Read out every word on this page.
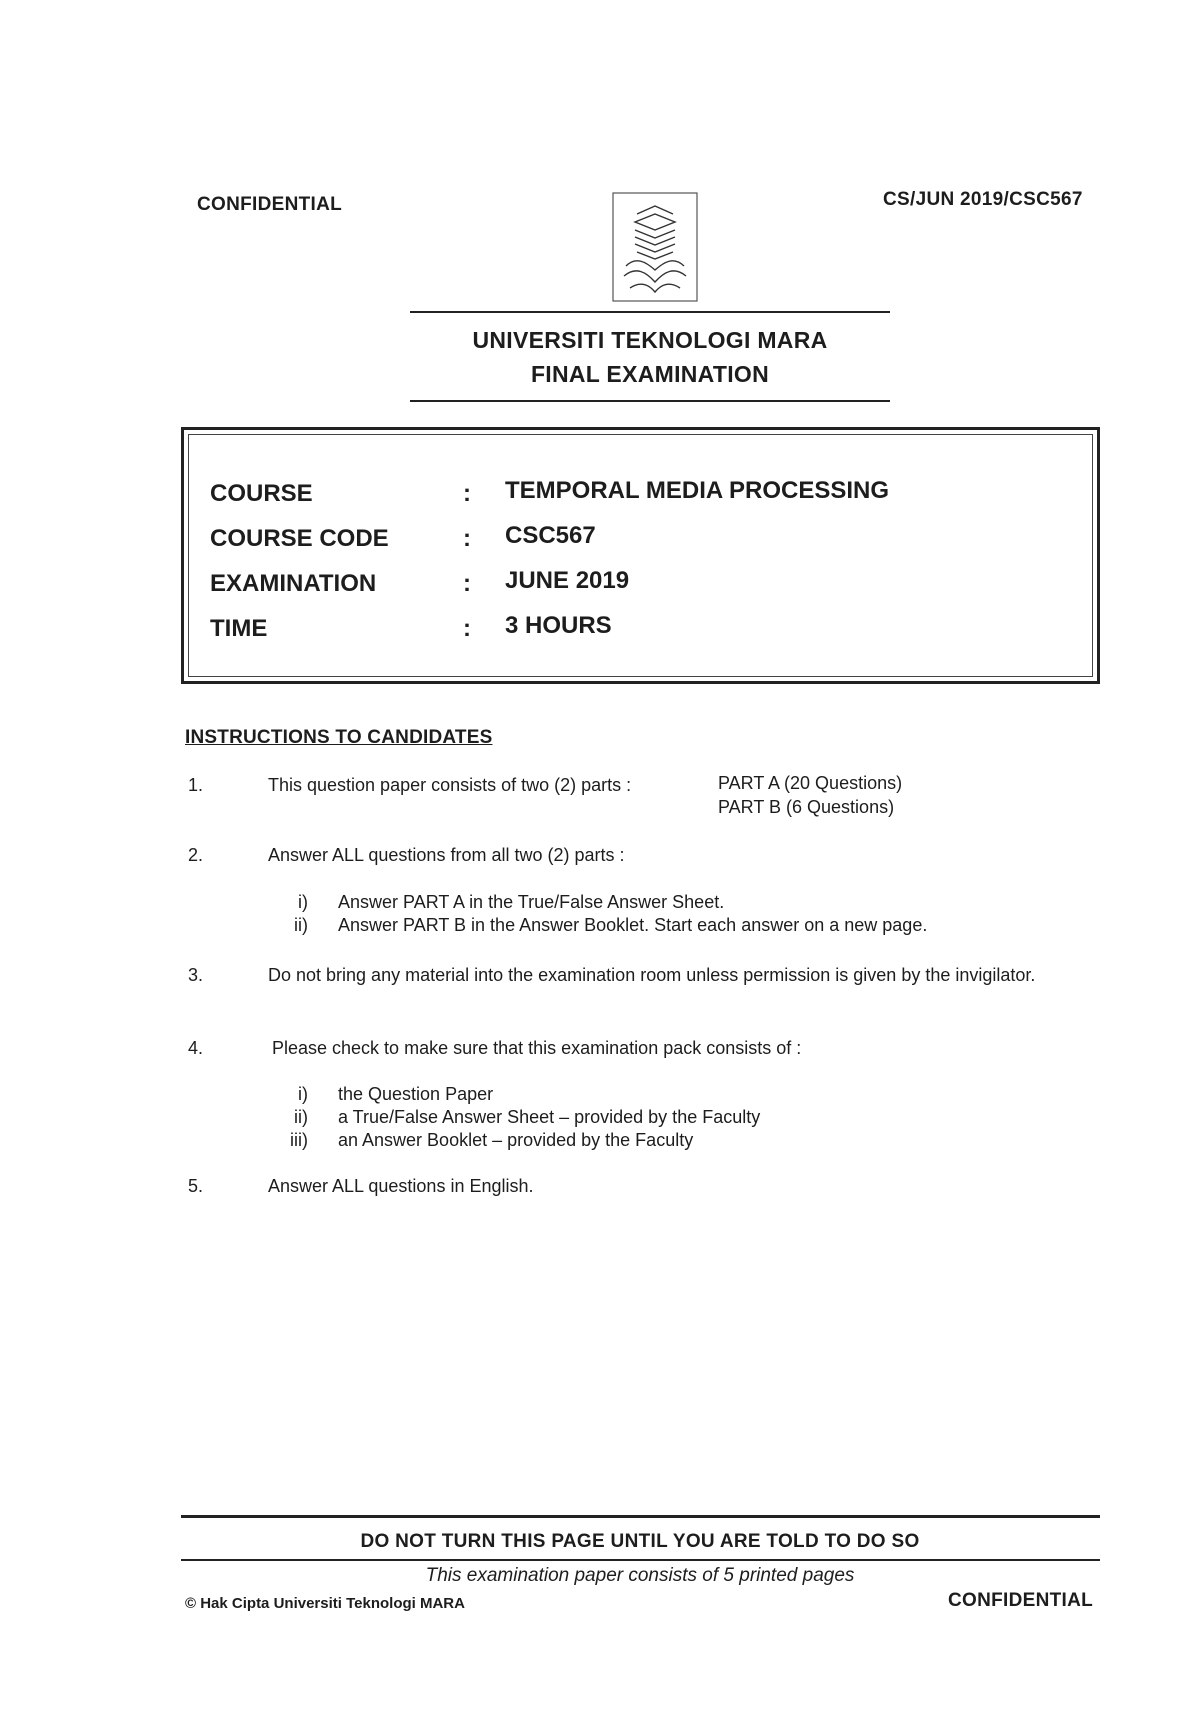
CONFIDENTIAL	CS/JUN 2019/CSC567
UNIVERSITI TEKNOLOGI MARA
FINAL EXAMINATION
COURSE	: TEMPORAL MEDIA PROCESSING
COURSE CODE	: CSC567
EXAMINATION	: JUNE 2019
TIME	: 3 HOURS
INSTRUCTIONS TO CANDIDATES
1.	This question paper consists of two (2) parts :	PART A (20 Questions)
PART B (6 Questions)
2.	Answer ALL questions from all two (2) parts :
i) Answer PART A in the True/False Answer Sheet.
ii) Answer PART B in the Answer Booklet. Start each answer on a new page.
3.	Do not bring any material into the examination room unless permission is given by the invigilator.
4.	Please check to make sure that this examination pack consists of :
i) the Question Paper
ii) a True/False Answer Sheet – provided by the Faculty
iii) an Answer Booklet – provided by the Faculty
5.	Answer ALL questions in English.
DO NOT TURN THIS PAGE UNTIL YOU ARE TOLD TO DO SO
This examination paper consists of 5 printed pages
© Hak Cipta Universiti Teknologi MARA	CONFIDENTIAL
